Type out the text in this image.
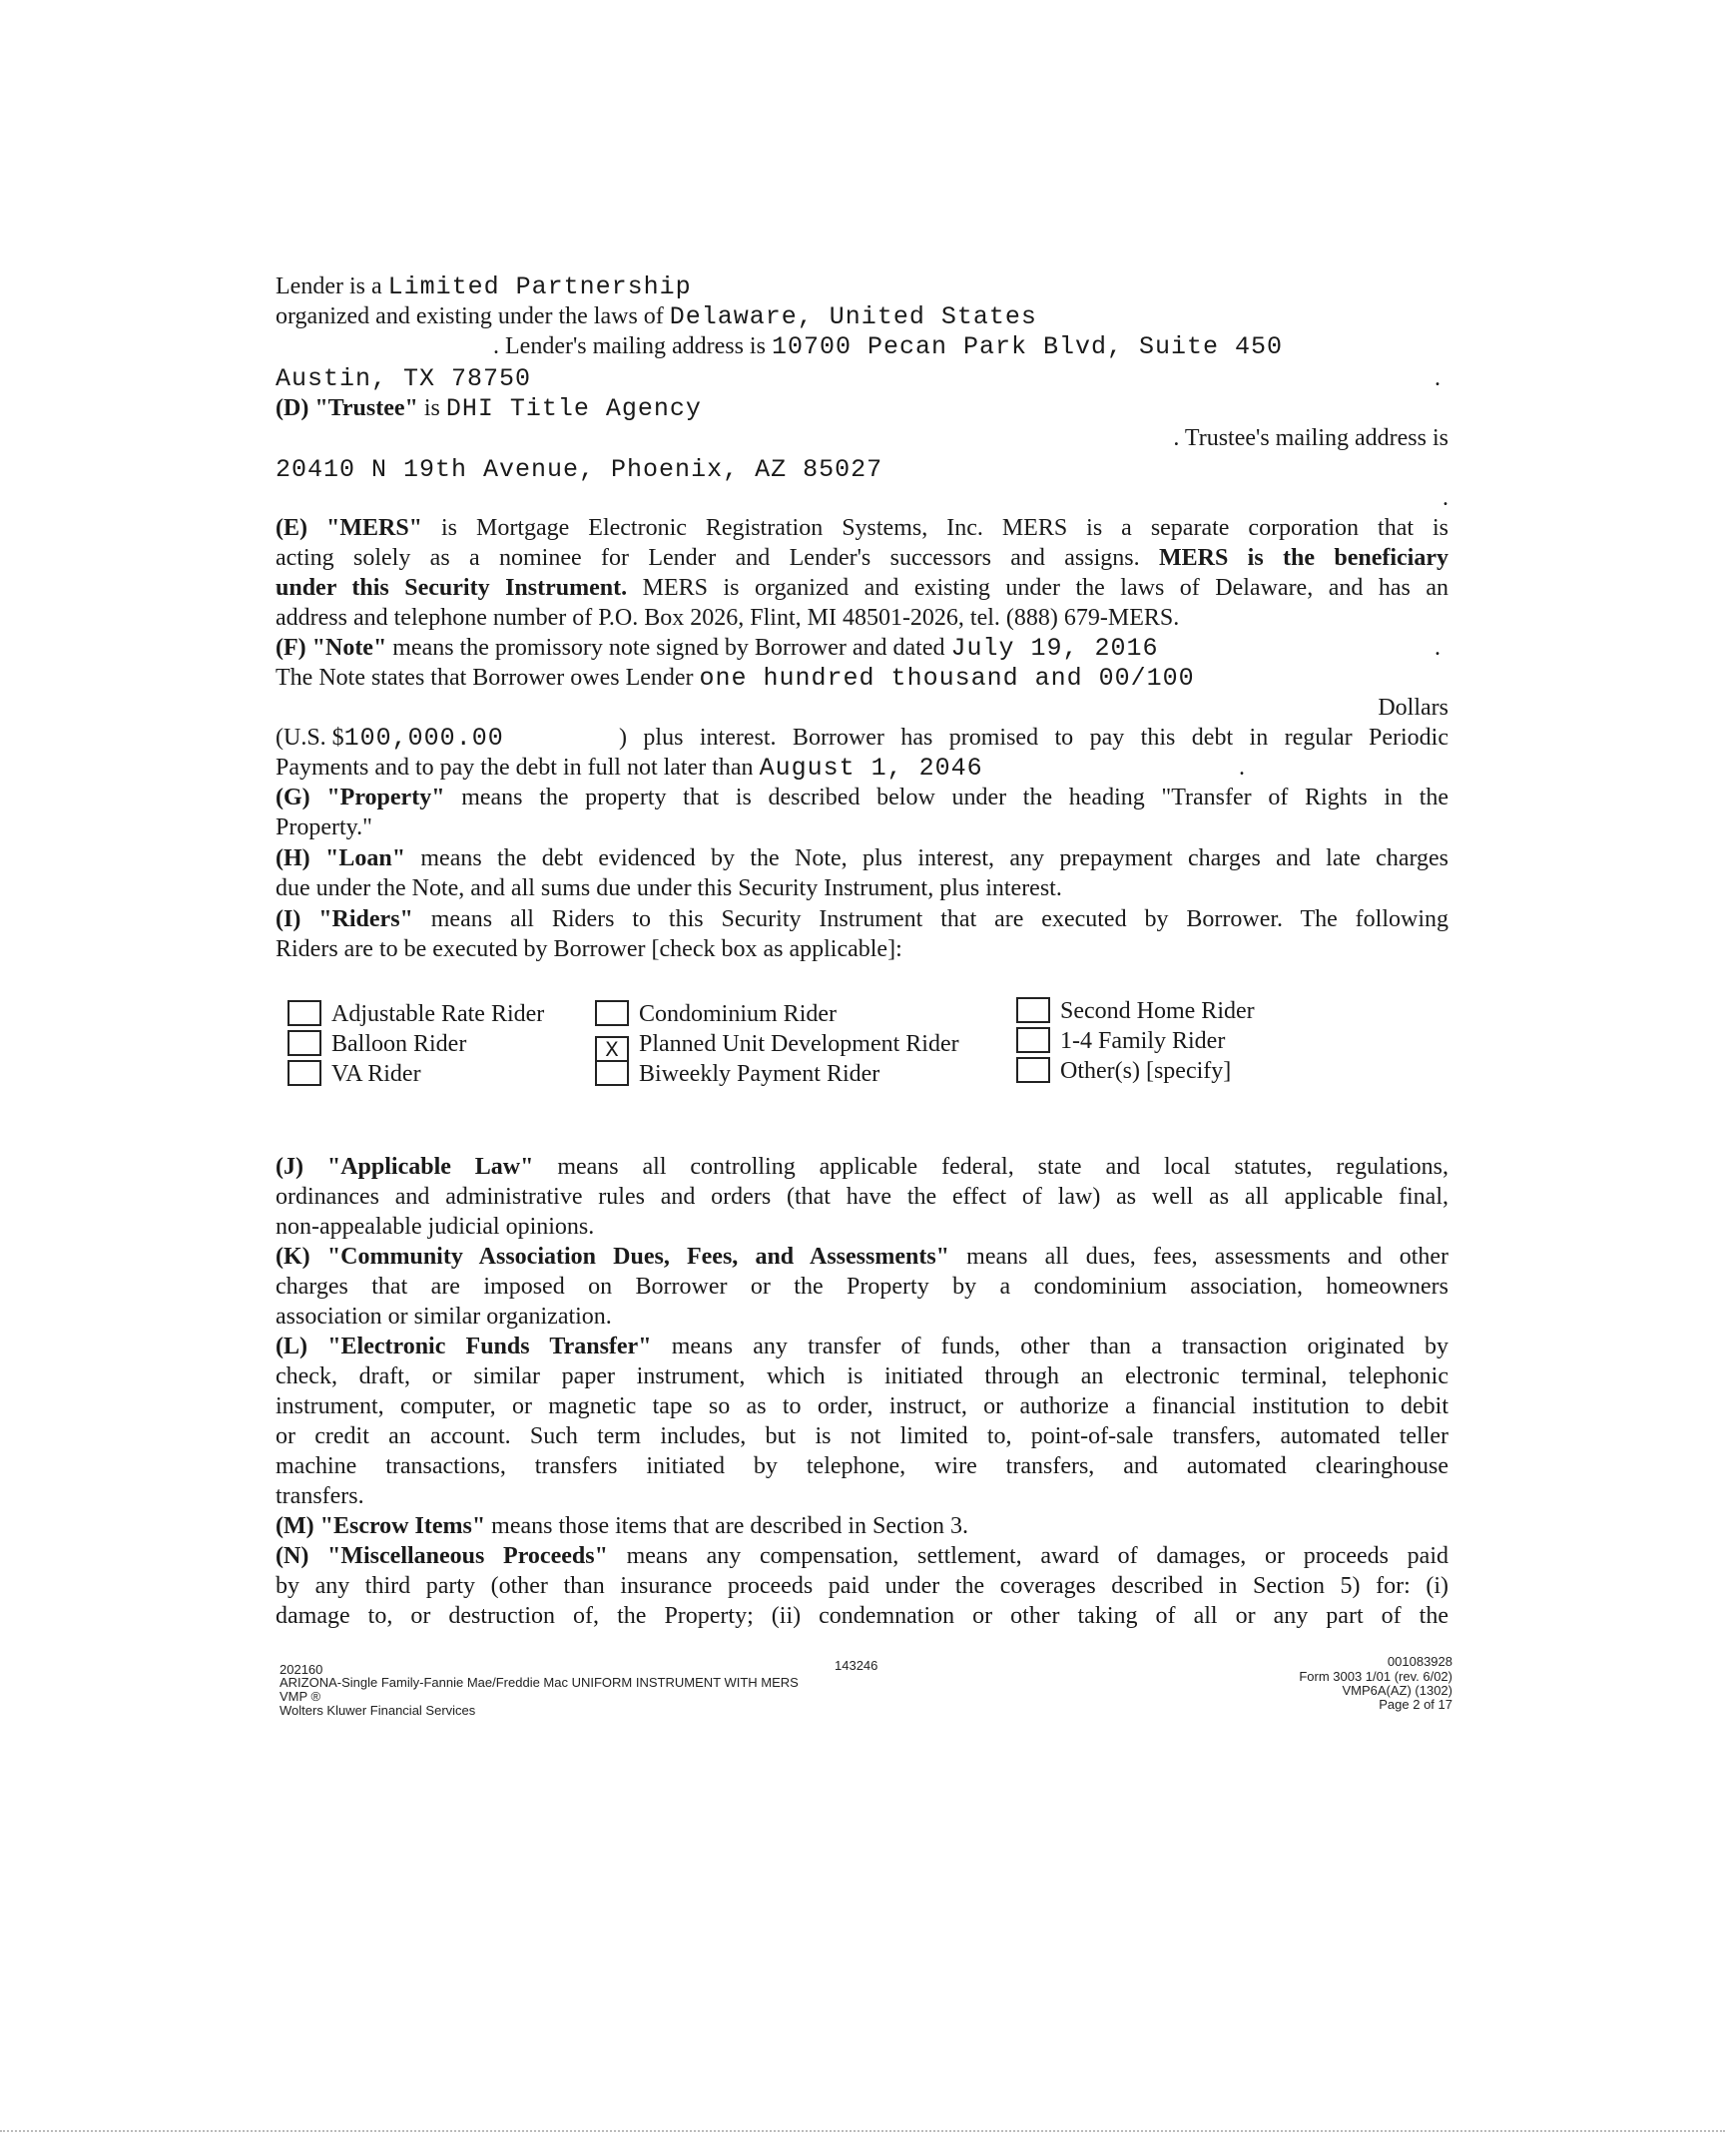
Lender is a Limited Partnership
organized and existing under the laws of Delaware, United States
. Lender's mailing address is 10700 Pecan Park Blvd, Suite 450
Austin, TX 78750	.
(D) "Trustee" is DHI Title Agency
. Trustee's mailing address is
20410 N 19th Avenue, Phoenix, AZ 85027
.
(E) "MERS" is Mortgage Electronic Registration Systems, Inc. MERS is a separate corporation that is
acting solely as a nominee for Lender and Lender's successors and assigns. MERS is the beneficiary
under this Security Instrument. MERS is organized and existing under the laws of Delaware, and has an
address and telephone number of P.O. Box 2026, Flint, MI 48501-2026, tel. (888) 679-MERS.
(F) "Note" means the promissory note signed by Borrower and dated July 19, 2016	.
The Note states that Borrower owes Lender one hundred thousand and 00/100
Dollars
(U.S. $100,000.00	) plus interest. Borrower has promised to pay this debt in regular Periodic
Payments and to pay the debt in full not later than August 1, 2046	.
(G) "Property" means the property that is described below under the heading "Transfer of Rights in the
Property."
(H) "Loan" means the debt evidenced by the Note, plus interest, any prepayment charges and late charges
due under the Note, and all sums due under this Security Instrument, plus interest.
(I) "Riders" means all Riders to this Security Instrument that are executed by Borrower. The following
Riders are to be executed by Borrower [check box as applicable]:
Adjustable Rate Rider
Balloon Rider
VA Rider
Condominium Rider
X Planned Unit Development Rider
Biweekly Payment Rider
Second Home Rider
1-4 Family Rider
Other(s) [specify]
(J) "Applicable Law" means all controlling applicable federal, state and local statutes, regulations,
ordinances and administrative rules and orders (that have the effect of law) as well as all applicable final,
non-appealable judicial opinions.
(K) "Community Association Dues, Fees, and Assessments" means all dues, fees, assessments and other
charges that are imposed on Borrower or the Property by a condominium association, homeowners
association or similar organization.
(L) "Electronic Funds Transfer" means any transfer of funds, other than a transaction originated by
check, draft, or similar paper instrument, which is initiated through an electronic terminal, telephonic
instrument, computer, or magnetic tape so as to order, instruct, or authorize a financial institution to debit
or credit an account. Such term includes, but is not limited to, point-of-sale transfers, automated teller
machine transactions, transfers initiated by telephone, wire transfers, and automated clearinghouse
transfers.
(M) "Escrow Items" means those items that are described in Section 3.
(N) "Miscellaneous Proceeds" means any compensation, settlement, award of damages, or proceeds paid
by any third party (other than insurance proceeds paid under the coverages described in Section 5) for: (i)
damage to, or destruction of, the Property; (ii) condemnation or other taking of all or any part of the
202160	143246	001083928
ARIZONA-Single Family-Fannie Mae/Freddie Mac UNIFORM INSTRUMENT WITH MERS
VMP ®
Wolters Kluwer Financial Services
Form 3003 1/01 (rev. 6/02)
VMP6A(AZ) (1302)
Page 2 of 17
